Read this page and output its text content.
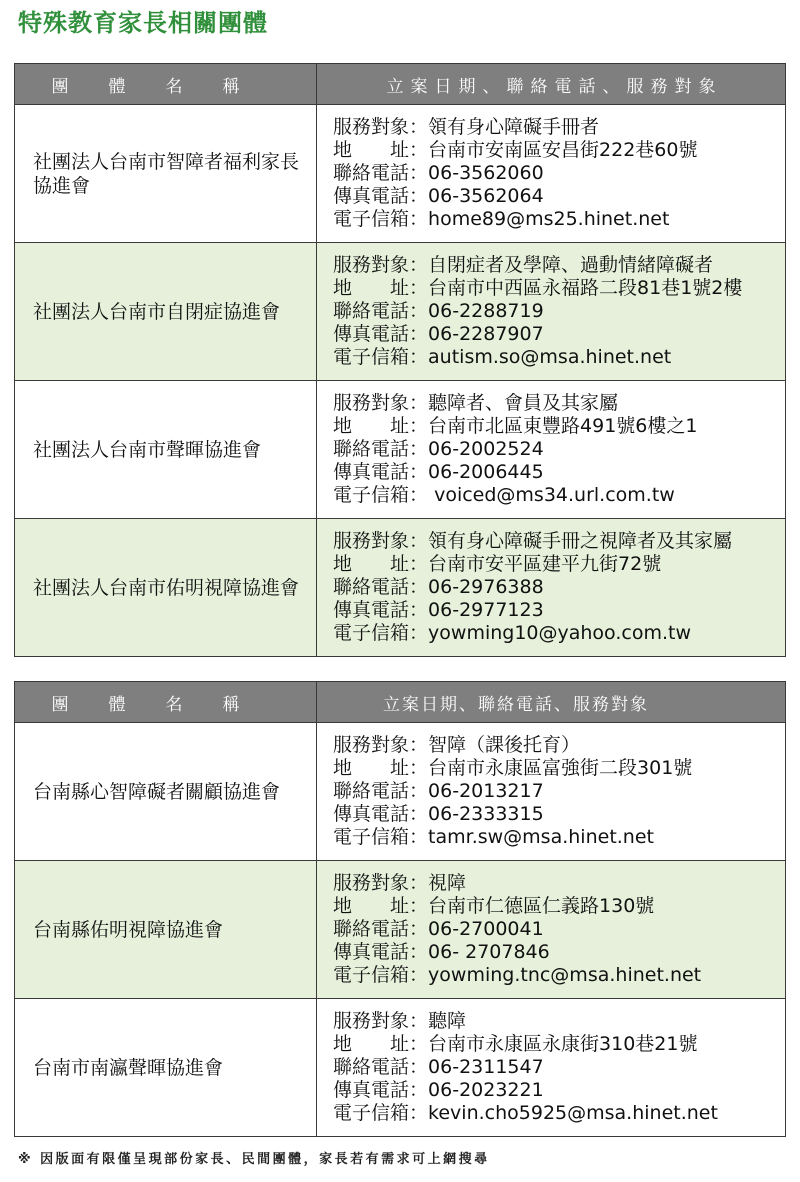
特殊教育家長相關團體
團體名稱	立案日期、聯絡電話、服務對象

社團法人台南市智障者福利家長協進會	服務對象：領有身心障礙手冊者
地　　址：台南市安南區安昌街222巷60號
聯絡電話：06-3562060
傳真電話：06-3562064
電子信箱：home89@ms25.hinet.net

社團法人台南市自閉症協進會	服務對象：自閉症者及學障、過動情緒障礙者
地　　址：台南市中西區永福路二段81巷1號2樓
聯絡電話：06-2288719
傳真電話：06-2287907
電子信箱：autism.so@msa.hinet.net

社團法人台南市聲暉協進會	服務對象：聽障者、會員及其家屬
地　　址：台南市北區東豐路491號6樓之1
聯絡電話：06-2002524
傳真電話：06-2006445
電子信箱： voiced@ms34.url.com.tw

社團法人台南市佑明視障協進會	服務對象：領有身心障礙手冊之視障者及其家屬
地　　址：台南市安平區建平九街72號
聯絡電話：06-2976388
傳真電話：06-2977123
電子信箱：yowming10@yahoo.com.tw
團體名稱	立案日期、聯絡電話、服務對象

台南縣心智障礙者關顧協進會	服務對象：智障（課後托育）
地　　址：台南市永康區富強街二段301號
聯絡電話：06-2013217
傳真電話：06-2333315
電子信箱：tamr.sw@msa.hinet.net

台南縣佑明視障協進會	服務對象：視障
地　　址：台南市仁德區仁義路130號
聯絡電話：06-2700041
傳真電話：06- 2707846
電子信箱：yowming.tnc@msa.hinet.net

台南市南瀛聲暉協進會	服務對象：聽障
地　　址：台南市永康區永康街310巷21號
聯絡電話：06-2311547
傳真電話：06-2023221
電子信箱：kevin.cho5925@msa.hinet.net
※ 因版面有限僅呈現部份家長、民間團體，家長若有需求可上網搜尋
